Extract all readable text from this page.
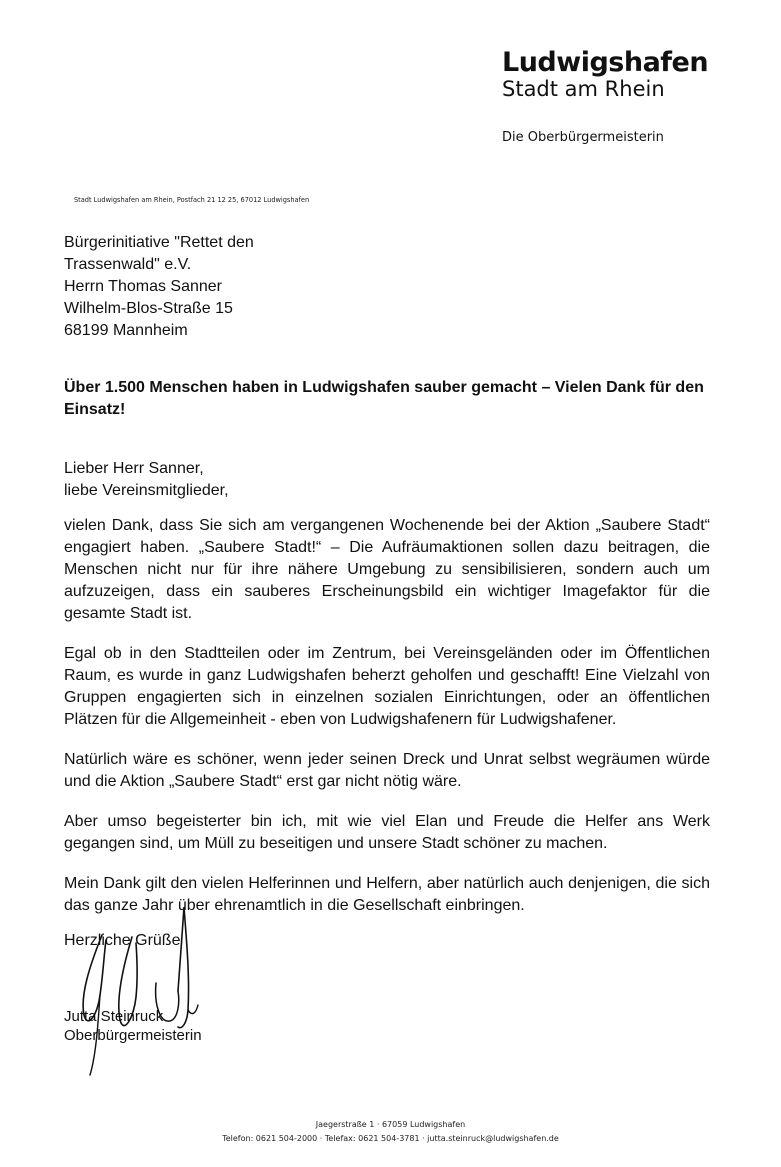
Ludwigshafen
Stadt am Rhein
Die Oberbürgermeisterin
Stadt Ludwigshafen am Rhein, Postfach 21 12 25, 67012 Ludwigshafen
Bürgerinitiative "Rettet den
Trassenwald" e.V.
Herrn Thomas Sanner
Wilhelm-Blos-Straße 15
68199 Mannheim
Über 1.500 Menschen haben in Ludwigshafen sauber gemacht – Vielen Dank für den Einsatz!
Lieber Herr Sanner,
liebe Vereinsmitglieder,

vielen Dank, dass Sie sich am vergangenen Wochenende bei der Aktion „Saubere Stadt“ engagiert haben. „Saubere Stadt!“ – Die Aufräumaktionen sollen dazu beitragen, die Menschen nicht nur für ihre nähere Umgebung zu sensibilisieren, sondern auch um aufzuzeigen, dass ein sauberes Erscheinungsbild ein wichtiger Imagefaktor für die gesamte Stadt ist.

Egal ob in den Stadtteilen oder im Zentrum, bei Vereinsgeländen oder im Öffentlichen Raum, es wurde in ganz Ludwigshafen beherzt geholfen und geschafft! Eine Vielzahl von Gruppen engagierten sich in einzelnen sozialen Einrichtungen, oder an öffentlichen Plätzen für die Allgemeinheit - eben von Ludwigshafenern für Ludwigshafener.

Natürlich wäre es schöner, wenn jeder seinen Dreck und Unrat selbst wegräumen würde und die Aktion „Saubere Stadt“ erst gar nicht nötig wäre.

Aber umso begeisterter bin ich, mit wie viel Elan und Freude die Helfer ans Werk gegangen sind, um Müll zu beseitigen und unsere Stadt schöner zu machen.

Mein Dank gilt den vielen Helferinnen und Helfern, aber natürlich auch denjenigen, die sich das ganze Jahr über ehrenamtlich in die Gesellschaft einbringen.

Herzliche Grüße
Jutta Steinruck
Oberbürgermeisterin
Jaegerstraße 1 · 67059 Ludwigshafen
Telefon: 0621 504-2000 · Telefax: 0621 504-3781 · jutta.steinruck@ludwigshafen.de
